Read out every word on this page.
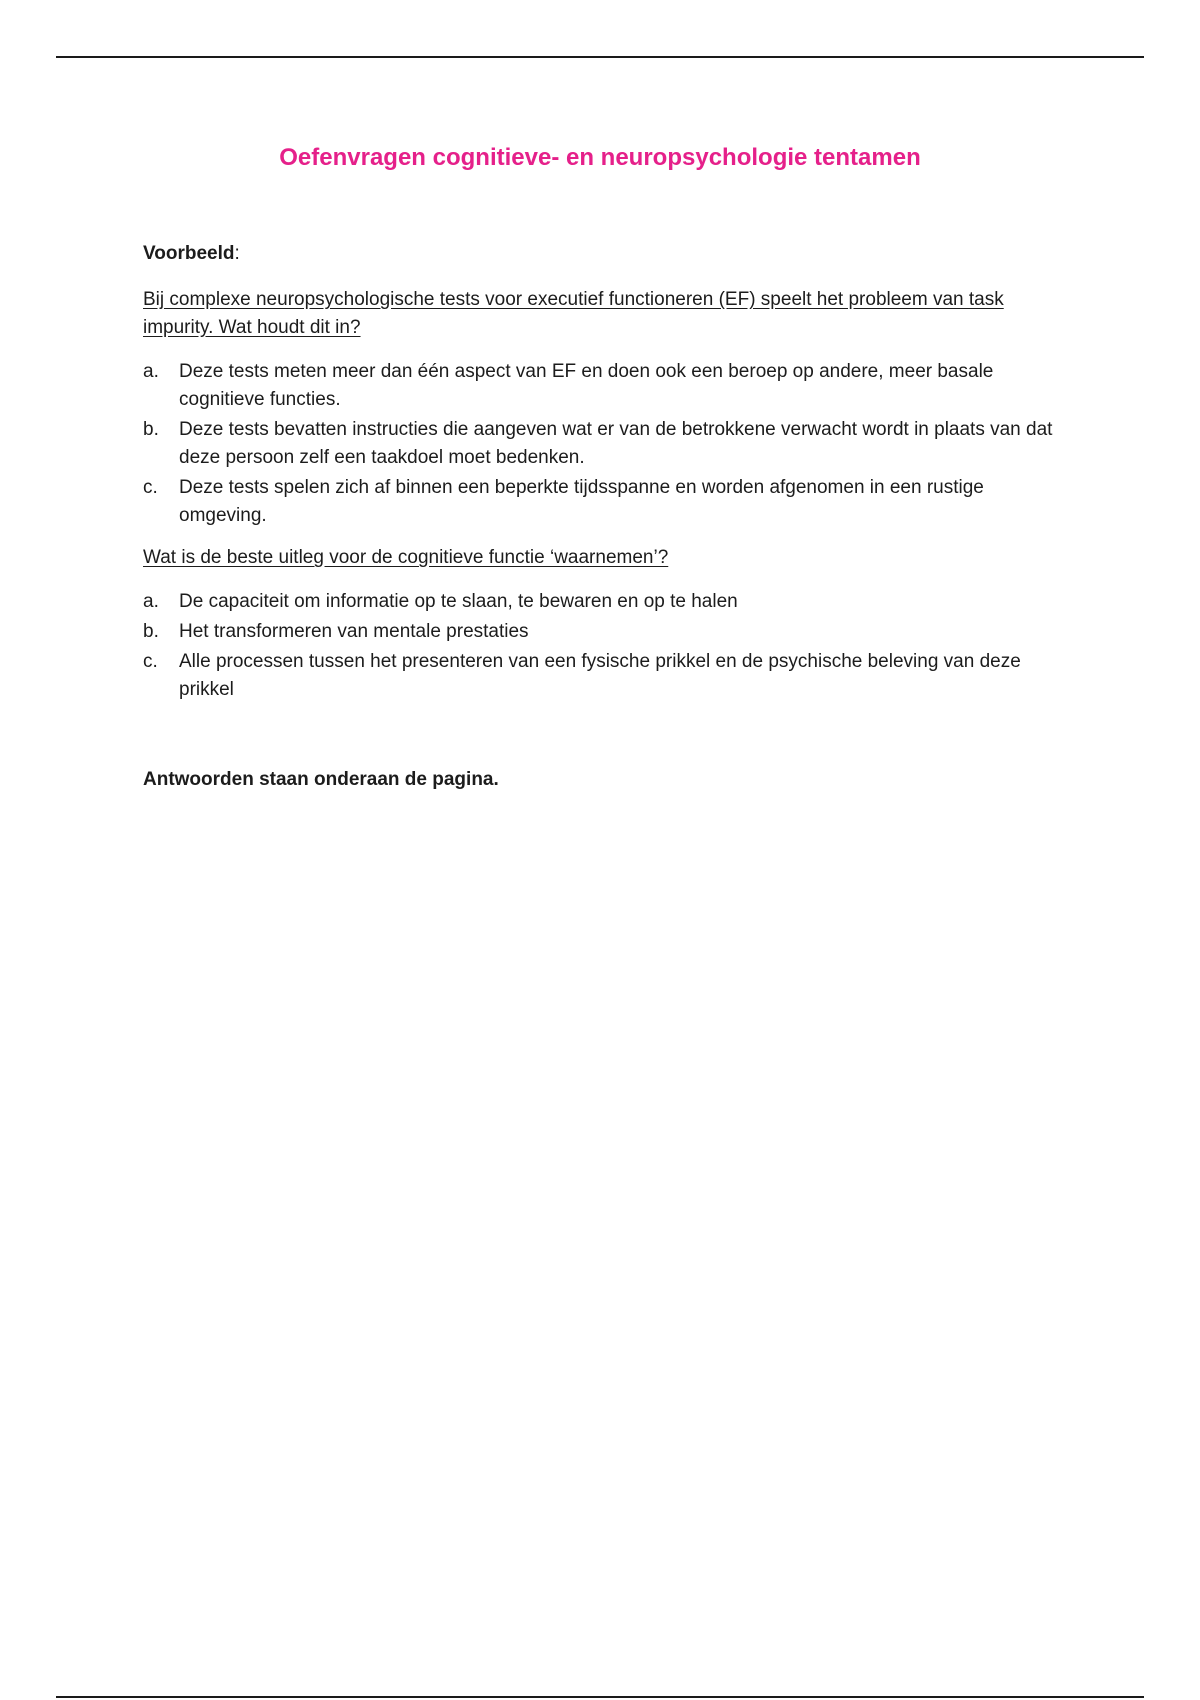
Oefenvragen cognitieve- en neuropsychologie tentamen

Voorbeeld:

Bij complexe neuropsychologische tests voor executief functioneren (EF) speelt het probleem van task impurity. Wat houdt dit in?

a. Deze tests meten meer dan één aspect van EF en doen ook een beroep op andere, meer basale cognitieve functies.
b. Deze tests bevatten instructies die aangeven wat er van de betrokkene verwacht wordt in plaats van dat deze persoon zelf een taakdoel moet bedenken.
c. Deze tests spelen zich af binnen een beperkte tijdsspanne en worden afgenomen in een rustige omgeving.

Wat is de beste uitleg voor de cognitieve functie ‘waarnemen’?

a. De capaciteit om informatie op te slaan, te bewaren en op te halen
b. Het transformeren van mentale prestaties
c. Alle processen tussen het presenteren van een fysische prikkel en de psychische beleving van deze prikkel

Antwoorden staan onderaan de pagina.
